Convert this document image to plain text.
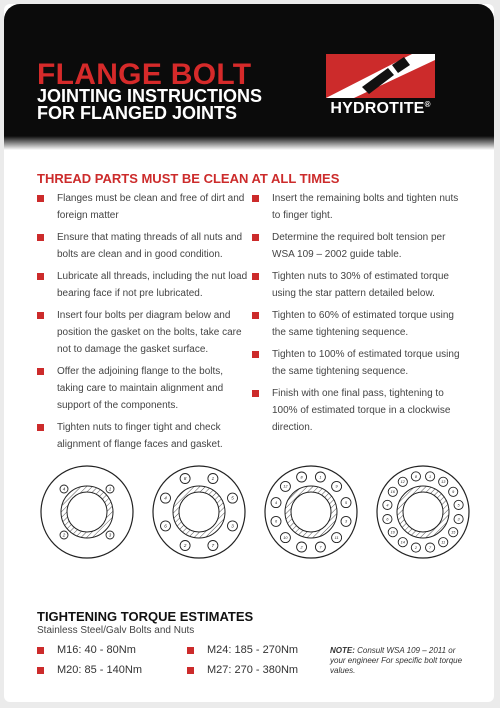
FLANGE BOLT
JOINTING INSTRUCTIONS
FOR FLANGED JOINTS	HYDROTITE®
THREAD PARTS MUST BE CLEAN AT ALL TIMES
Flanges must be clean and free of dirt and foreign matter
Ensure that mating threads of all nuts and bolts are clean and in good condition.
Lubricate all threads, including the nut load bearing face if not pre lubricated.
Insert four bolts per diagram below and position the gasket on the bolts, take care not to damage the gasket surface.
Offer the adjoining flange to the bolts, taking care to maintain alignment and support of the components.
Tighten nuts to finger tight and check alignment of flange faces and gasket.
Insert the remaining bolts and tighten nuts to finger tight.
Determine the required bolt tension per WSA 109 – 2002 guide table.
Tighten nuts to 30% of estimated torque using the star pattern detailed below.
Tighten to 60% of estimated torque using the same tightening sequence.
Tighten to 100% of estimated torque using the same tightening sequence.
Finish with one final pass, tightening to 100% of estimated torque in a clockwise direction.
1
3
2
4
1
5
3
7
2
6
4
8	1
9
5
3
11
7
2
10
6
4
12
8	1
13
9
5
3
15
11
7
2
14
10
6
4
16
12
8
TIGHTENING TORQUE ESTIMATES
Stainless Steel/Galv Bolts and Nuts
M16: 40 - 80Nm
M20: 85 - 140Nm
M24: 185 - 270Nm
M27: 270 - 380Nm
NOTE: Consult WSA 109 – 2011 or your engineer For specific bolt torque values.
